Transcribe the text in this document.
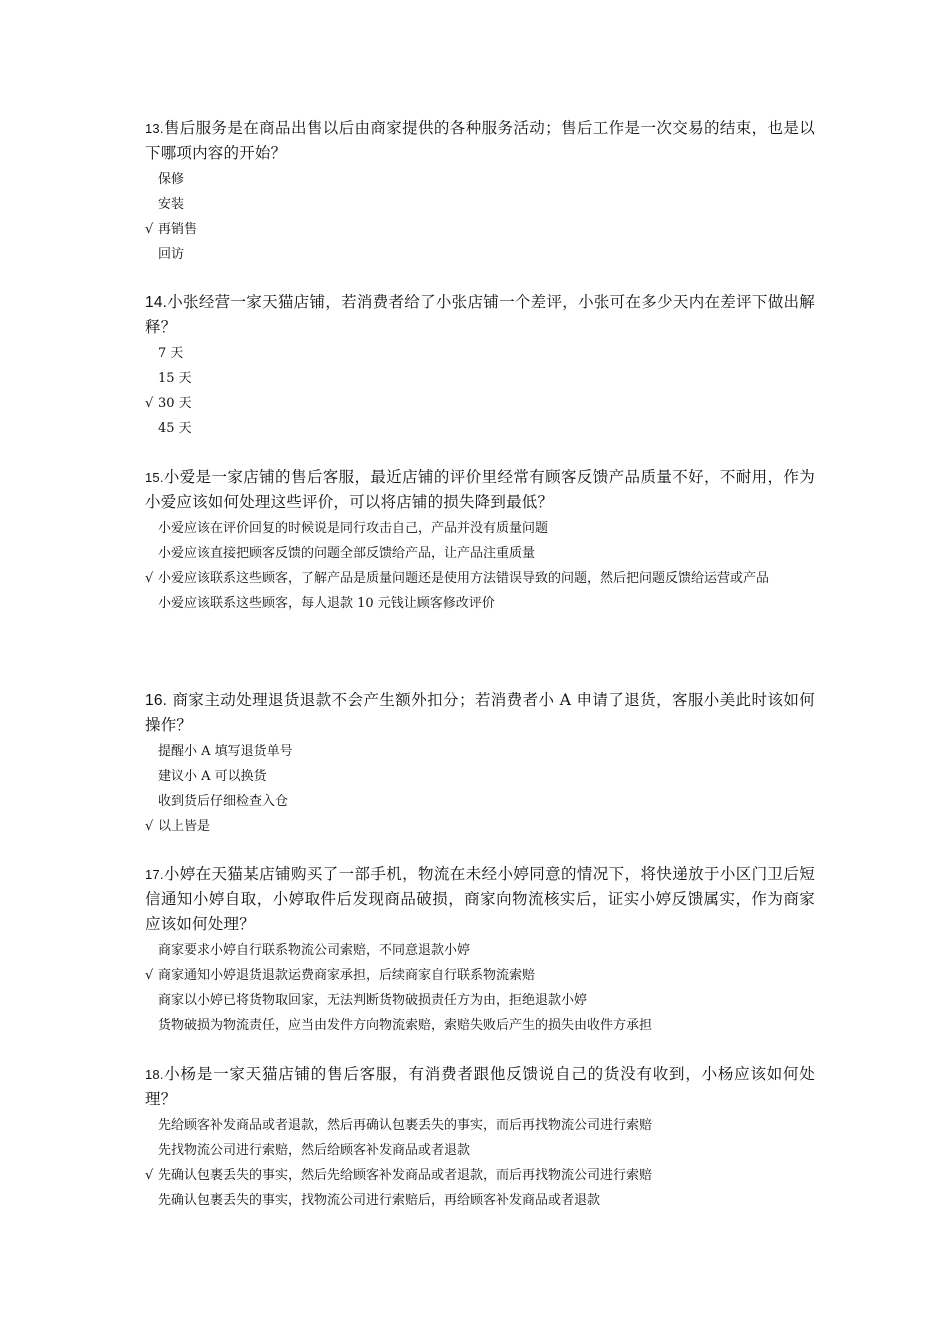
13.售后服务是在商品出售以后由商家提供的各种服务活动；售后工作是一次交易的结束，也是以下哪项内容的开始？

保修
安装
√ 再销售
回访

14.小张经营一家天猫店铺，若消费者给了小张店铺一个差评，小张可在多少天内在差评下做出解释？

7 天
15 天
√ 30 天
45 天

15.小爱是一家店铺的售后客服，最近店铺的评价里经常有顾客反馈产品质量不好，不耐用，作为小爱应该如何处理这些评价，可以将店铺的损失降到最低？

小爱应该在评价回复的时候说是同行攻击自己，产品并没有质量问题
小爱应该直接把顾客反馈的问题全部反馈给产品，让产品注重质量
√ 小爱应该联系这些顾客，了解产品是质量问题还是使用方法错误导致的问题，然后把问题反馈给运营或产品
小爱应该联系这些顾客，每人退款 10 元钱让顾客修改评价

16. 商家主动处理退货退款不会产生额外扣分；若消费者小 A 申请了退货，客服小美此时该如何操作？

提醒小 A 填写退货单号
建议小 A 可以换货
收到货后仔细检查入仓
√ 以上皆是

17.小婷在天猫某店铺购买了一部手机，物流在未经小婷同意的情况下，将快递放于小区门卫后短信通知小婷自取，小婷取件后发现商品破损，商家向物流核实后，证实小婷反馈属实，作为商家应该如何处理？

商家要求小婷自行联系物流公司索赔，不同意退款小婷
√ 商家通知小婷退货退款运费商家承担，后续商家自行联系物流索赔
商家以小婷已将货物取回家，无法判断货物破损责任方为由，拒绝退款小婷
货物破损为物流责任，应当由发件方向物流索赔，索赔失败后产生的损失由收件方承担

18.小杨是一家天猫店铺的售后客服，有消费者跟他反馈说自己的货没有收到，小杨应该如何处理？

先给顾客补发商品或者退款，然后再确认包裹丢失的事实，而后再找物流公司进行索赔
先找物流公司进行索赔，然后给顾客补发商品或者退款
√ 先确认包裹丢失的事实，然后先给顾客补发商品或者退款，而后再找物流公司进行索赔
先确认包裹丢失的事实，找物流公司进行索赔后，再给顾客补发商品或者退款
